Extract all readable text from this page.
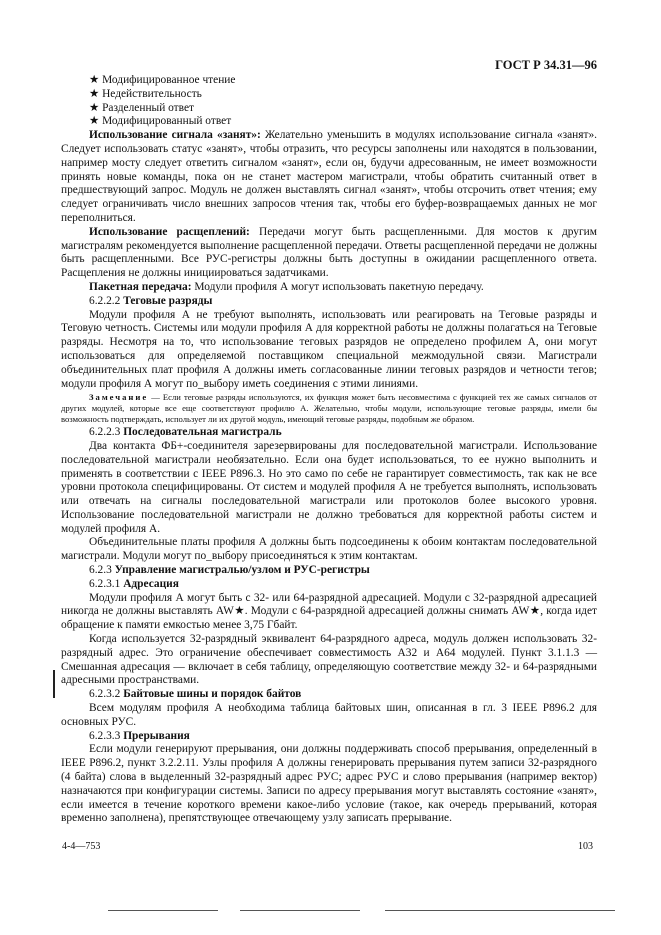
ГОСТ Р 34.31—96

★ Модифицированное чтение

★ Недействительность

★ Разделенный ответ

★ Модифицированный ответ

Использование сигнала «занят»: Желательно уменьшить в модулях использование сигнала «занят». Следует использовать статус «занят», чтобы отразить, что ресурсы заполнены или находятся в пользовании, например мосту следует ответить сигналом «занят», если он, будучи адресованным, не имеет возможности принять новые команды, пока он не станет мастером магистрали, чтобы обратить считанный ответ в предшествующий запрос. Модуль не должен выставлять сигнал «занят», чтобы отсрочить ответ чтения; ему следует ограничивать число внешних запросов чтения так, чтобы его буфер-возвращаемых данных не мог переполниться.

Использование расщеплений: Передачи могут быть расщепленными. Для мостов к другим магистралям рекомендуется выполнение расщепленной передачи. Ответы расщепленной передачи не должны быть расщепленными. Все РУС-регистры должны быть доступны в ожидании расщепленного ответа. Расщепления не должны инициироваться задатчиками.

Пакетная передача: Модули профиля А могут использовать пакетную передачу.

6.2.2.2 Теговые разряды

Модули профиля А не требуют выполнять, использовать или реагировать на Теговые разряды и Теговую четность. Системы или модули профиля А для корректной работы не должны полагаться на Теговые разряды. Несмотря на то, что использование теговых разрядов не определено профилем А, они могут использоваться для определяемой поставщиком специальной межмодульной связи. Магистрали объединительных плат профиля А должны иметь согласованные линии теговых разрядов и четности тегов; модули профиля А могут по_выбору иметь соединения с этими линиями.

Замечание — Если теговые разряды используются, их функция может быть несовместима с функцией тех же самых сигналов от других модулей, которые все еще соответствуют профилю А. Желательно, чтобы модули, использующие теговые разряды, имели бы возможность подтверждать, использует ли их другой модуль, имеющий теговые разряды, подобным же образом.

6.2.2.3 Последовательная магистраль

Два контакта ФБ+-соединителя зарезервированы для последовательной магистрали. Использование последовательной магистрали необязательно. Если она будет использоваться, то ее нужно выполнить и применять в соответствии с IEEE P896.3. Но это само по себе не гарантирует совместимость, так как не все уровни протокола специфицированы. От систем и модулей профиля А не требуется выполнять, использовать или отвечать на сигналы последовательной магистрали или протоколов более высокого уровня. Использование последовательной магистрали не должно требоваться для корректной работы систем и модулей профиля А.

Объединительные платы профиля А должны быть подсоединены к обоим контактам последовательной магистрали. Модули могут по_выбору присоединяться к этим контактам.

6.2.3 Управление магистралью/узлом и РУС-регистры

6.2.3.1 Адресация

Модули профиля А могут быть с 32- или 64-разрядной адресацией. Модули с 32-разрядной адресацией никогда не должны выставлять AW★. Модули с 64-разрядной адресацией должны снимать AW★, когда идет обращение к памяти емкостью менее 3,75 Гбайт.

Когда используется 32-разрядный эквивалент 64-разрядного адреса, модуль должен использовать 32-разрядный адрес. Это ограничение обеспечивает совместимость А32 и А64 модулей. Пункт 3.1.1.3 — Смешанная адресация — включает в себя таблицу, определяющую соответствие между 32- и 64-разрядными адресными пространствами.

6.2.3.2 Байтовые шины и порядок байтов

Всем модулям профиля А необходима таблица байтовых шин, описанная в гл. 3 IEEE P896.2 для основных РУС.

6.2.3.3 Прерывания

Если модули генерируют прерывания, они должны поддерживать способ прерывания, определенный в IEEE P896.2, пункт 3.2.2.11. Узлы профиля А должны генерировать прерывания путем записи 32-разрядного (4 байта) слова в выделенный 32-разрядный адрес РУС; адрес РУС и слово прерывания (например вектор) назначаются при конфигурации системы. Записи по адресу прерывания могут выставлять состояние «занят», если имеется в течение короткого времени какое-либо условие (такое, как очередь прерываний, которая временно заполнена), препятствующее отвечающему узлу записать прерывание.

4-4—753	103
